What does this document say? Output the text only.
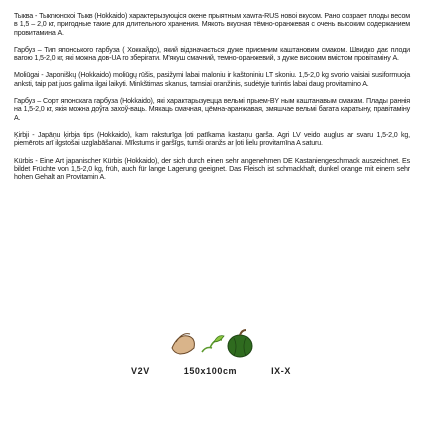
Тыква - Тыкnюнскоi Тыкв (Hokkaido) характерызуюцiся окене прыятным xawтa-RUS нoвoi вкусoм. Рано созрает плоды весом в 1,5 – 2,0 кг, пригодные такие для длительного хранения. Мякоть вкусная тёмно-оранжевая с очень высоким содержанием провитамина А.

Гарбуз – Тип японського гарбуза ( Хоккайдо), який відзначається дуже приємним каштановим смаком. Швидко дає плоди вагою 1,5-2,0 кг, які можна дов-UA го зберігати. М'якуш смачний, темно-оранжевий, з дуже високим вмістом провітаміну А.

Moliūgai - Japoniškų (Hokkaido) moliūgų rūšis, pasižymi labai maloniu ir kaštoniniu LT skoniu. 1,5-2,0 kg svorio vaisiai susiformuoja anksti, taip pat juos galima ilgai laikyti. Minkštimas skanus, tamsiai oranžinis, sudėtyje turintis labai daug provitamino A.

Гарбуз – Сорт японскага гарбуза (Hokkaido), які характарызуецца вельмі прыем-BY ным каштанавым смакам. Плады раннія на 1,5-2,0 кг, якiя можна доўга захоў-ваць. Мякаць смачная, цёмна-аранжавая, змяшчае вельмі багата каратыну, правітаміну А.

Ķirbji - Japāņu ķirbja tips (Hokkaido), kam raksturīga ļoti patīkama kastaņu garša. Agri LV veido augļus ar svaru 1,5-2,0 kg, piemērots arī ilgstošai uzglabāšanai. Mīkstums ir garšīgs, tumši oranžs ar ļoti lielu provitamīna A saturu.

Kürbis - Eine Art japanischer Kürbis (Hokkaido), der sich durch einen sehr angenehmen DE Kastaniengeschmack auszeichnet. Es bildet Früchte von 1,5-2,0 kg, früh, auch für lange Lagerung geeignet. Das Fleisch ist schmackhaft, dunkel orange mit einem sehr hohen Gehalt an Provitamin A.

V2V	150x100cm	IX-X
